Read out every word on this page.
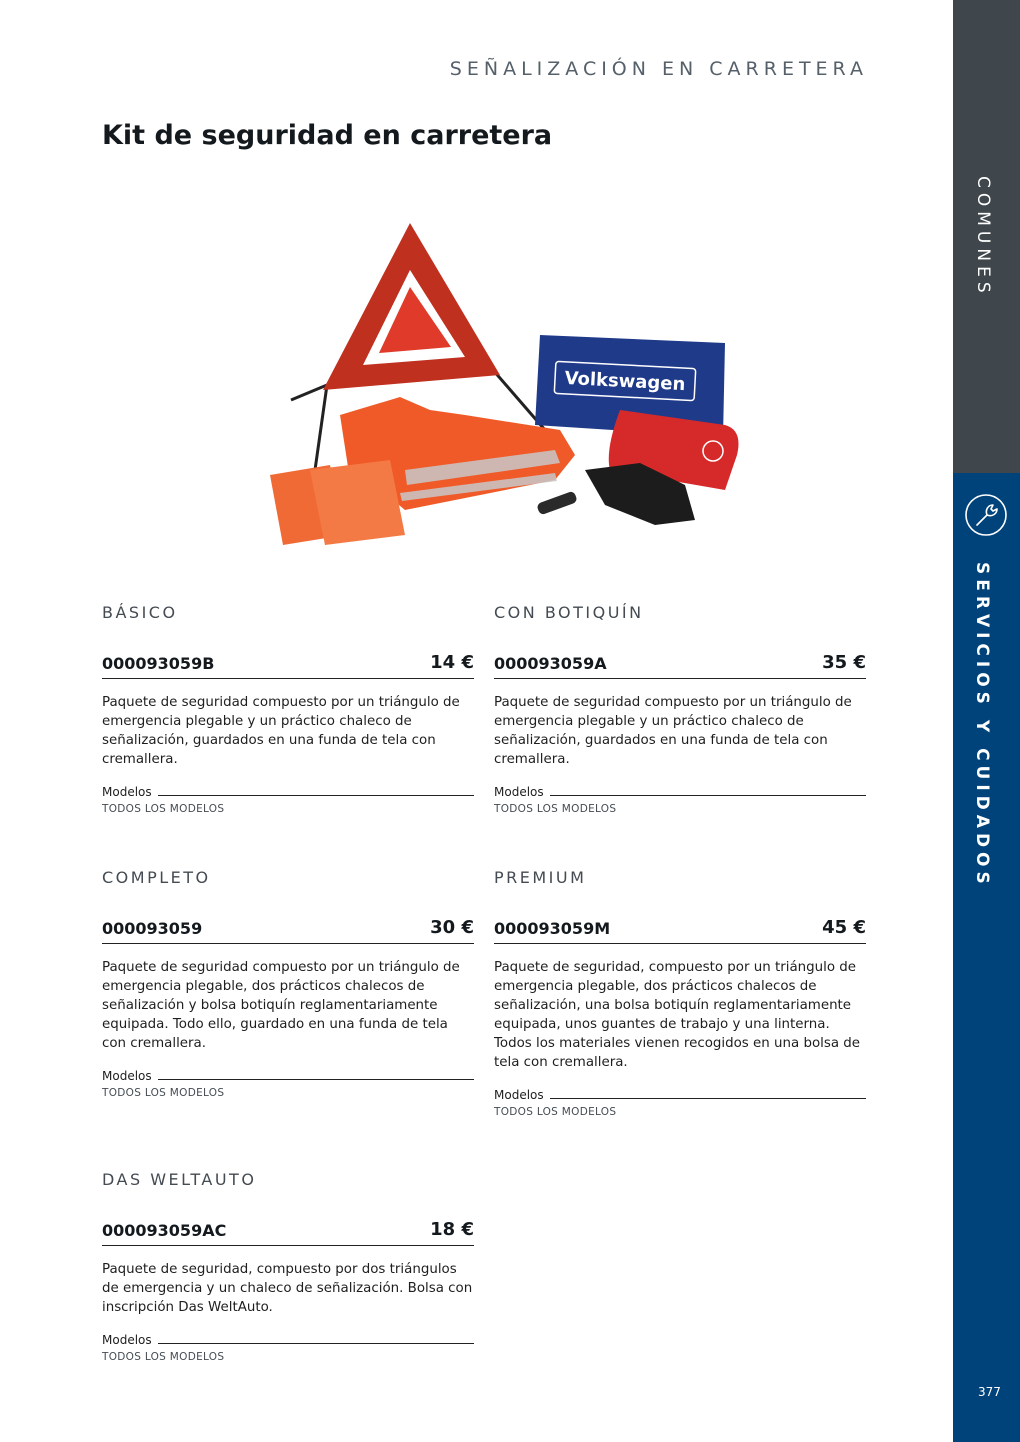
SEÑALIZACIÓN EN CARRETERA
Kit de seguridad en carretera
COMUNES
SERVICIOS Y CUIDADOS
377
Volkswagen
BÁSICO
000093059B	14 €
Paquete de seguridad compuesto por un triángulo de emergencia plegable y un práctico chaleco de señalización, guardados en una funda de tela con cremallera.
Modelos
TODOS LOS MODELOS
CON BOTIQUÍN
000093059A	35 €
Paquete de seguridad compuesto por un triángulo de emergencia plegable y un práctico chaleco de señalización, guardados en una funda de tela con cremallera.
Modelos
TODOS LOS MODELOS
COMPLETO
000093059	30 €
Paquete de seguridad compuesto por un triángulo de emergencia plegable, dos prácticos chalecos de señalización y bolsa botiquín reglamentariamente equipada. Todo ello, guardado en una funda de tela con cremallera.
Modelos
TODOS LOS MODELOS
PREMIUM
000093059M	45 €
Paquete de seguridad, compuesto por un triángulo de emergencia plegable, dos prácticos chalecos de señalización, una bolsa botiquín reglamentariamente equipada, unos guantes de trabajo y una linterna. Todos los materiales vienen recogidos en una bolsa de tela con cremallera.
Modelos
TODOS LOS MODELOS
DAS WELTAUTO
000093059AC	18 €
Paquete de seguridad, compuesto por dos triángulos de emergencia y un chaleco de señalización. Bolsa con inscripción Das WeltAuto.
Modelos
TODOS LOS MODELOS
